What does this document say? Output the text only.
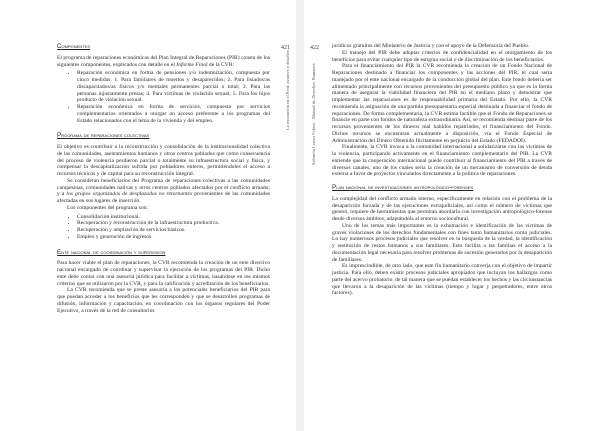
Componentes

El programa de reparaciones económicas del Plan Integral de Reparaciones (PIR) consta de los siguientes componentes, explicados con detalle en el Informe Final de la CVR:

• Reparación económica en forma de pensiones y/o indemnización, compuesta por cinco medidas: 1. Para familiares de muertos y desaparecidos; 2. Para lisiados/as discapacitados/as físicos y/o mentales permanentes parcial o total; 3. Para las personas injustamente presas; 4. Para víctimas de violación sexual; 5. Para los hijos producto de violación sexual.
• Reparación económica en forma de servicios, compuesta por servicios complementarios orientados a otorgar un acceso preferente a los programas del Estado relacionados con el tema de la vivienda y del empleo.
Programa de reparaciones colectivas

El objetivo es contribuir a la reconstrucción y consolidación de la institucionalidad colectiva de las comunidades, asentamientos humanos y otros centros poblados que como consecuencia del proceso de violencia perdieron parcial o totalmente su infraestructura social y física, y compensar la descapitalización sufrida por pobladores enteros, permitiéndoles el acceso a recursos técnicos y de capital para su reconstrucción integral.

Se consideran beneficiarios del Programa de reparaciones colectivas a las comunidades campesinas, comunidades nativas y otros centros poblados afectados por el conflicto armado; y a los grupos organizados de desplazados no retornantes provenientes de las comunidades afectadas en sus lugares de inserción.

Los componentes del programa son:

• Consolidación institucional.
• Recuperación y reconstrucción de la infraestructura productiva.
• Recuperación y ampliación de servicios básicos.
• Empleo y generación de ingresos.
Ente nacional de coordinación y supervisión

Para hacer viable el plan de reparaciones, la CVR recomienda la creación de un ente directivo nacional encargado de coordinar y supervisar la ejecución de los programas del PIR. Dicho ente debe contar con una asesoría jurídica para facilitar a víctimas, basándose en los mismos criterios que se utilizaron por la CVR, y para la calificación y acreditación de los beneficiarios.

La CVR recomienda que se preste asesoría a los potenciales beneficiarios del PIR para que puedan acceder a los beneficios que les corresponden y que se desarrollen programas de difusión, información y capacitación, en coordinación con los órganos regulares del Poder Ejecutivo, a través de la red de consultorios

421
La reparación en el Perú: avances y desafíos
422
Salomón Lerner Febres · Manual de Derechos Humanos

jurídicos gratuitos del Ministerio de Justicia y con el apoyo de la Defensoría del Pueblo.

El manejo del PIR debe adoptar criterios de confidencialidad en el otorgamiento de los beneficios para evitar cualquier tipo de estigma social o de discriminación de los beneficiarios.

Para el financiamiento del PIR la CVR recomienda la creación de un Fondo Nacional de Reparaciones destinado a financiar los componentes y las acciones del PIR, el cual sería manejado por el ente nacional encargado de la conducción global del plan. Este fondo debería ser alimentado principalmente con recursos provenientes del presupuesto público ya que es la forma manera de asegurar la viabilidad financiera del PIR en el mediano plazo y demostrar que implementar las reparaciones es de responsabilidad primaria del Estado. Por ello, la CVR recomienda la asignación de una partida presupuestaria especial destinada a financiar el fondo de reparaciones. De forma complementaria, la CVR estima factible que el Fondo de Reparaciones se financie en parte con fondos de naturaleza extraordinaria. Así, se recomienda destinar parte de los recursos provenientes de los dineros mal habidos repatriados, el financiamiento del Fondo. Dichos recursos se encuentran actualmente a disposición, vía el Fondo Especial de Administración del Dinero Obtenido Ilícitamente en perjuicio del Estado (FEDADOI).

Finalmente, la CVR invoca a la comunidad internacional a solidarizarse con las víctimas de la violencia, participando activamente en el financiamiento complementario del PIR. La CVR entiende que la cooperación internacional puede contribuir al financiamiento del PIR a través de diversos canales, uno de los cuales sería la creación de un mecanismo de conversión de deuda externa a favor de proyectos vinculados directamente a la política de reparaciones.

Plan nacional de investigaciones antropológico-forenses

La complejidad del conflicto armado interno, específicamente en relación con el problema de la desaparición forzada y de las ejecuciones extrajudiciales, así como el número de víctimas que generó, requiere de herramientas que permitan abordarla con investigación antropológico-forense desde diversos ámbitos, adaptándola al entorno sociocultural.

Uno de los temas más importantes es la exhumación e identificación de las víctimas de graves violaciones de los derechos fundamentales con fines tanto humanitarios como judiciales. Lo hay numerosos procesos judiciales que resolver en la búsqueda de la verdad, la identificación y restitución de restos humanos a sus familiares. Esto facilita a las familias el acceso a la documentación legal necesaria para resolver problemas de sucesión generados por la desaparición de familiares.

Es imprescindible, de otro lado, que este fin humanitario converja con el objetivo de impartir justicia. Para ello, deben existir procesos judiciales apropiados que incluyan los hallazgos como parte del acervo probatorio, de tal manera que se puedan establecer los hechos y las circunstancias que llevaron a la desaparición de las víctimas (tiempo y lugar y perpetradores, entre otros factores).
